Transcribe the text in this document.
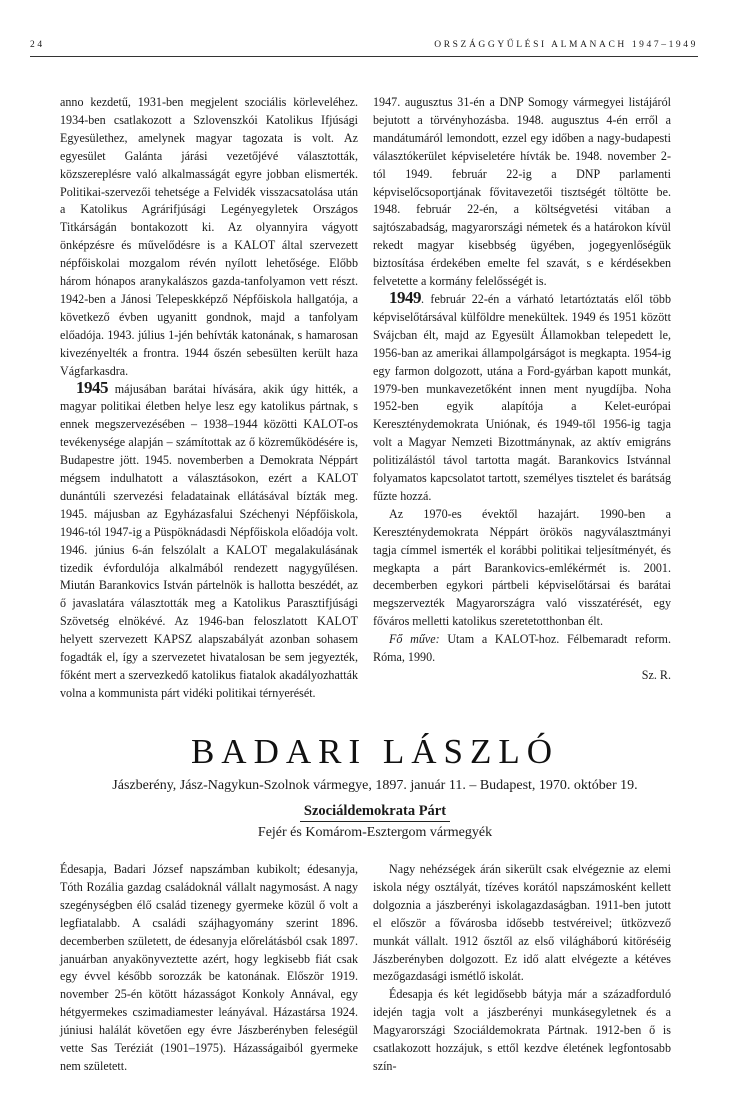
24	ORSZÁGGYŰLÉSI ALMANACH 1947–1949

anno kezdetű, 1931-ben megjelent szociális körleveléhez. 1934-ben csatlakozott a Szlovenszkói Katolikus Ifjúsági Egyesülethez, amelynek magyar tagozata is volt. Az egyesület Galánta járási vezetőjévé választották, közszereplésre való alkalmasságát egyre jobban elismerték. Politikai-szervezői tehetsége a Felvidék visszacsatolása után a Katolikus Agrárifjúsági Legényegyletek Országos Titkárságán bontakozott ki. Az olyannyira vágyott önképzésre és művelődésre is a KALOT által szervezett népfőiskolai mozgalom révén nyílott lehetősége. Előbb három hónapos aranykalászos gazda-tanfolyamon vett részt. 1942-ben a Jánosi Telepeskképző Népfőiskola hallgatója, a következő évben ugyanitt gondnok, majd a tanfolyam előadója. 1943. július 1-jén behívták katonának, s hamarosan kivezényelték a frontra. 1944 őszén sebesülten került haza Vágfarkasdra.

1945 májusában barátai hívására, akik úgy hitték, a magyar politikai életben helye lesz egy katolikus pártnak, s ennek megszervezésében – 1938–1944 közötti KALOT-os tevékenysége alapján – számítottak az ő közreműködésére is, Budapestre jött. 1945. novemberben a Demokrata Néppárt mégsem indulhatott a választásokon, ezért a KALOT dunántúli szervezési feladatainak ellátásával bízták meg. 1945. májusban az Egyházasfalui Széchenyi Népfőiskola, 1946-tól 1947-ig a Püspöknádasdi Népfőiskola előadója volt. 1946. június 6-án felszólalt a KALOT megalakulásának tizedik évfordulója alkalmából rendezett nagygyűlésen. Miután Barankovics István pártelnök is hallotta beszédét, az ő javaslatára választották meg a Katolikus Parasztifjúsági Szövetség elnökévé. Az 1946-ban feloszlatott KALOT helyett szervezett KAPSZ alapszabályát azonban sohasem fogadták el, így a szervezetet hivatalosan be sem jegyezték, főként mert a szervezkedő katolikus fiatalok akadályozhatták volna a kommunista párt vidéki politikai térnyerését.

1947. augusztus 31-én a DNP Somogy vármegyei listájáról bejutott a törvényhozásba. 1948. augusztus 4-én erről a mandátumáról lemondott, ezzel egy időben a nagy-budapesti választókerület képviseletére hívták be. 1948. november 2-tól 1949. február 22-ig a DNP parlamenti képviselőcsoportjának fővitavezetői tisztségét töltötte be. 1948. február 22-én, a költségvetési vitában a sajtószabadság, magyarországi németek és a határokon kívül rekedt magyar kisebbség ügyében, jogegyenlőségük biztosítása érdekében emelte fel szavát, s e kérdésekben felvetette a kormány felelősségét is.

1949. február 22-én a várható letartóztatás elől több képviselőtársával külföldre menekültek. 1949 és 1951 között Svájcban élt, majd az Egyesült Államokban telepedett le, 1956-ban az amerikai állampolgárságot is megkapta. 1954-ig egy farmon dolgozott, utána a Ford-gyárban kapott munkát, 1979-ben munkavezetőként innen ment nyugdíjba. Noha 1952-ben egyik alapítója a Kelet-európai Kereszténydemokrata Uniónak, és 1949-től 1956-ig tagja volt a Magyar Nemzeti Bizottmánynak, az aktív emigráns politizálástól távol tartotta magát. Barankovics Istvánnal folyamatos kapcsolatot tartott, személyes tisztelet és barátság fűzte hozzá.

Az 1970-es évektől hazajárt. 1990-ben a Kereszténydemokrata Néppárt örökös nagyválasztmányi tagja címmel ismerték el korábbi politikai teljesítményét, és megkapta a párt Barankovics-emlékérmét is. 2001. decemberben egykori pártbeli képviselőtársai és barátai megszervezték Magyarországra való visszatérését, egy főváros melletti katolikus szeretetotthonban élt.

Fő műve: Utam a KALOT-hoz. Félbemaradt reform. Róma, 1990.

Sz. R.

BADARI LÁSZLÓ
Jászberény, Jász-Nagykun-Szolnok vármegye, 1897. január 11. – Budapest, 1970. október 19.
Szociáldemokrata Párt
Fejér és Komárom-Esztergom vármegyék

Édesapja, Badari József napszámban kubikolt; édesanyja, Tóth Rozália gazdag családoknál vállalt nagymosást. A nagy szegénységben élő család tizenegy gyermeke közül ő volt a legfiatalabb. A családi szájhagyomány szerint 1896. decemberben született, de édesanyja előrelátásból csak 1897. januárban anyakönyveztette azért, hogy legkisebb fiát csak egy évvel később sorozzák be katonának. Először 1919. november 25-én kötött házasságot Konkoly Annával, egy hétgyermekes cszimadiamester leányával. Házastársa 1924. júniusi halálát követően egy évre Jászberényben feleségül vette Sas Teréziát (1901–1975). Házasságaiból gyermeke nem született.

Nagy nehézségek árán sikerült csak elvégeznie az elemi iskola négy osztályát, tízéves korától napszámosként kellett dolgoznia a jászberényi iskolagazdaságban. 1911-ben jutott el először a fővárosba idősebb testvéreivel; ütközvező munkát vállalt. 1912 ősztől az első világháború kitöréséig Jászberényben dolgozott. Ez idő alatt elvégezte a kétéves mezőgazdasági ismétlő iskolát.

Édesapja és két legidősebb bátyja már a századforduló idején tagja volt a jászberényi munkásegyletnek és a Magyarországi Szociáldemokrata Pártnak. 1912-ben ő is csatlakozott hozzájuk, s ettől kezdve életének legfontosabb szín-
